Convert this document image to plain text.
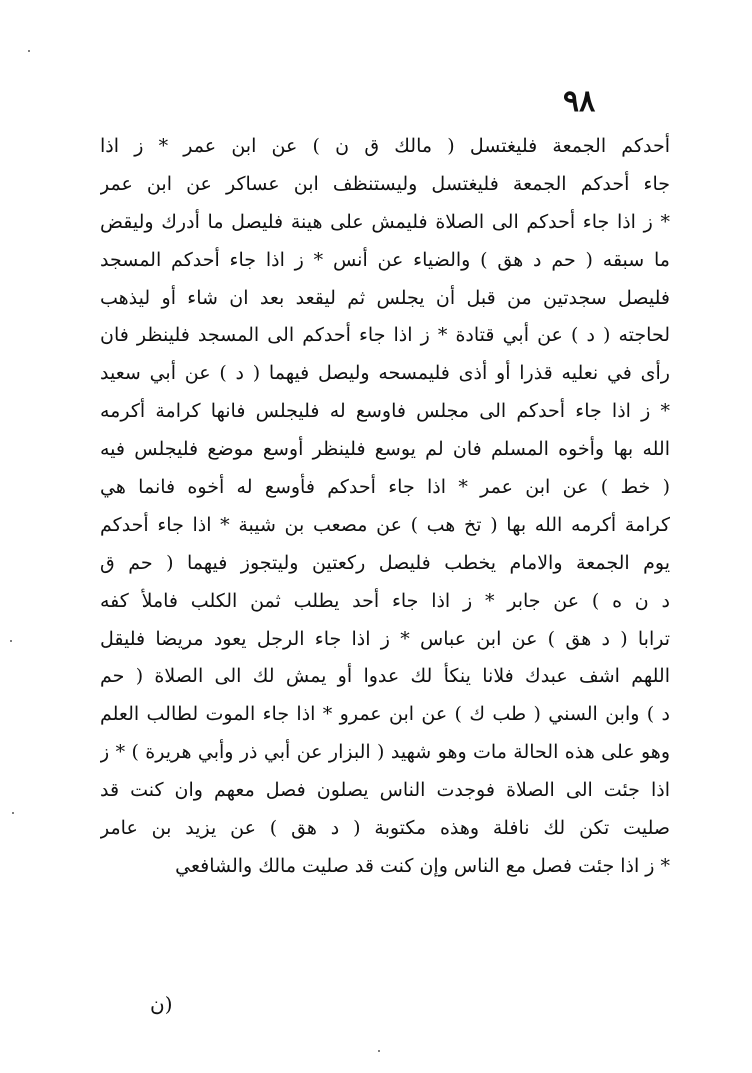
٩٨
أحدكم الجمعة فليغتسل ( مالك ق ن ) عن ابن عمر * ز اذا
جاء أحدكم الجمعة فليغتسل وليستنظف ابن عساكر عن ابن عمر
* ز اذا جاء أحدكم الى الصلاة فليمش على هينة فليصل ما أدرك وليقض
ما سبقه ( حم د هق ) والضياء عن أنس * ز اذا جاء أحدكم المسجد
فليصل سجدتين من قبل أن يجلس ثم ليقعد بعد ان شاء أو ليذهب
لحاجته ( د ) عن أبي قتادة * ز اذا جاء أحدكم الى المسجد فلينظر فان
رأى في نعليه قذرا أو أذى فليمسحه وليصل فيهما ( د ) عن أبي سعيد
* ز اذا جاء أحدكم الى مجلس فاوسع له فليجلس فانها كرامة أكرمه
الله بها وأخوه المسلم فان لم يوسع فلينظر أوسع موضع فليجلس فيه
( خط ) عن ابن عمر * اذا جاء أحدكم فأوسع له أخوه فانما هي
كرامة أكرمه الله بها ( تخ هب ) عن مصعب بن شيبة * اذا جاء أحدكم
يوم الجمعة والامام يخطب فليصل ركعتين وليتجوز فيهما ( حم ق
د ن ه ) عن جابر * ز اذا جاء أحد يطلب ثمن الكلب فاملأ كفه
ترابا ( د هق ) عن ابن عباس * ز اذا جاء الرجل يعود مريضا فليقل
اللهم اشف عبدك فلانا ينكأ لك عدوا أو يمش لك الى الصلاة ( حم
د ) وابن السني ( طب ك ) عن ابن عمرو * اذا جاء الموت لطالب العلم
وهو على هذه الحالة مات وهو شهيد ( البزار عن أبي ذر وأبي هريرة ) * ز
اذا جئت الى الصلاة فوجدت الناس يصلون فصل معهم وان كنت قد
صليت تكن لك نافلة وهذه مكتوبة ( د هق ) عن يزيد بن عامر
* ز اذا جئت فصل مع الناس وإن كنت قد صليت مالك والشافعي
(ن
